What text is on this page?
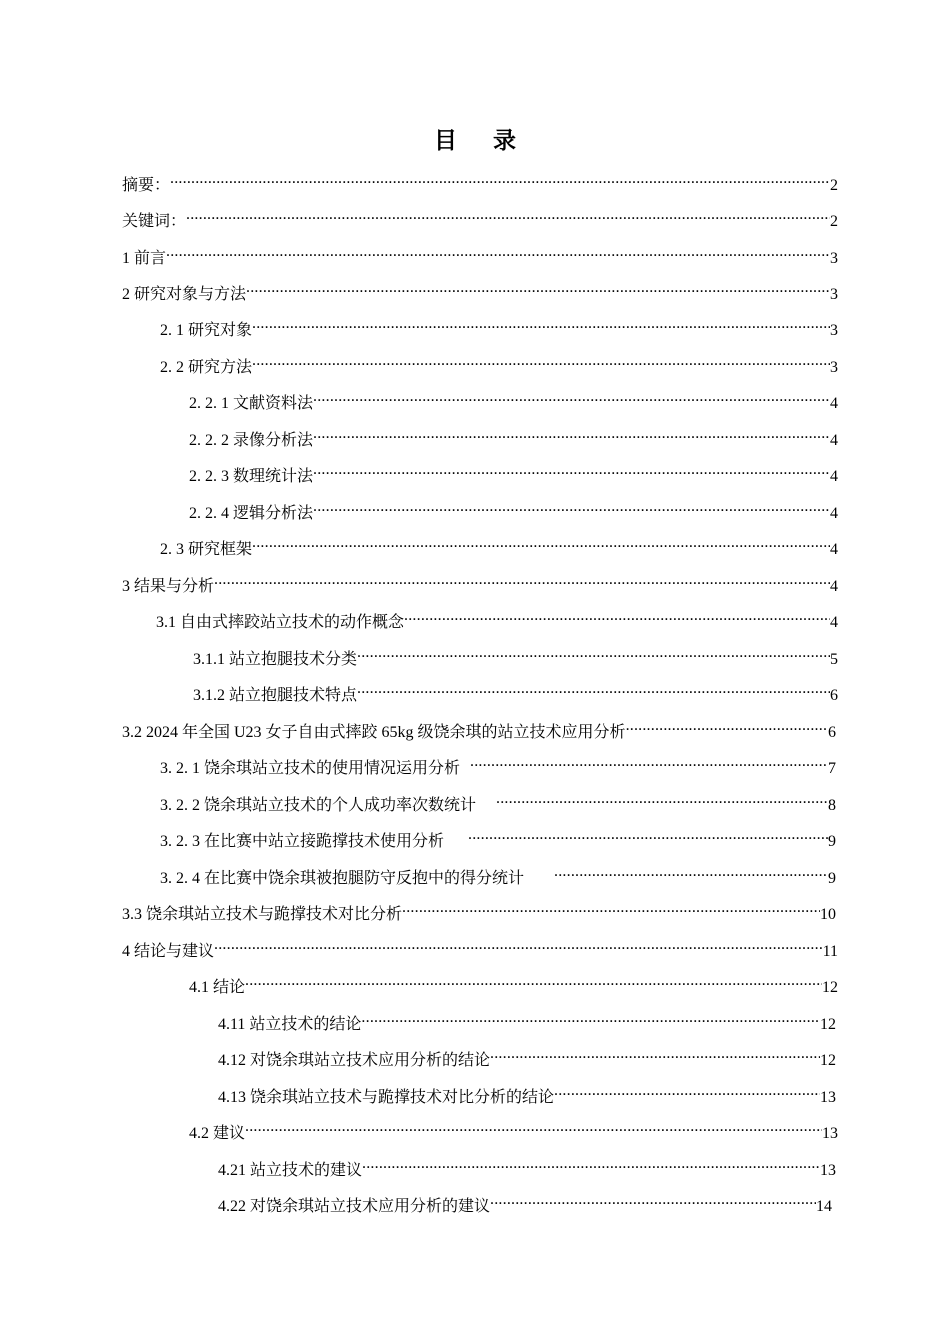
目 录
摘要： .....	2
关键词： .....	2
1 前言 .....	3
2 研究对象与方法 .....	3
2. 1 研究对象 .....	3
2. 2 研究方法 .....	3
2. 2. 1 文献资料法 .....	4
2. 2. 2 录像分析法 .....	4
2. 2. 3 数理统计法 .....	4
2. 2. 4 逻辑分析法 .....	4
2. 3 研究框架 .....	4
3 结果与分析 .....	4
3.1 自由式摔跤站立技术的动作概念 .....	4
3.1.1 站立抱腿技术分类 .....	5
3.1.2 站立抱腿技术特点 .....	6
3.2 2024 年全国 U23 女子自由式摔跤 65kg 级饶余琪的站立技术应用分析 .....	6
3. 2. 1 饶余琪站立技术的使用情况运用分析 .....	7
3. 2. 2 饶余琪站立技术的个人成功率次数统计 .....	8
3. 2. 3 在比赛中站立接跪撑技术使用分析 .....	9
3. 2. 4 在比赛中饶余琪被抱腿防守反抱中的得分统计 .....	9
3.3 饶余琪站立技术与跪撑技术对比分析 .....	10
4 结论与建议 .....	11
4.1 结论 .....	12
4.11 站立技术的结论 .....	12
4.12 对饶余琪站立技术应用分析的结论 .....	12
4.13 饶余琪站立技术与跪撑技术对比分析的结论 .....	13
4.2 建议 .....	13
4.21 站立技术的建议 .....	13
4.22 对饶余琪站立技术应用分析的建议 .....	14
